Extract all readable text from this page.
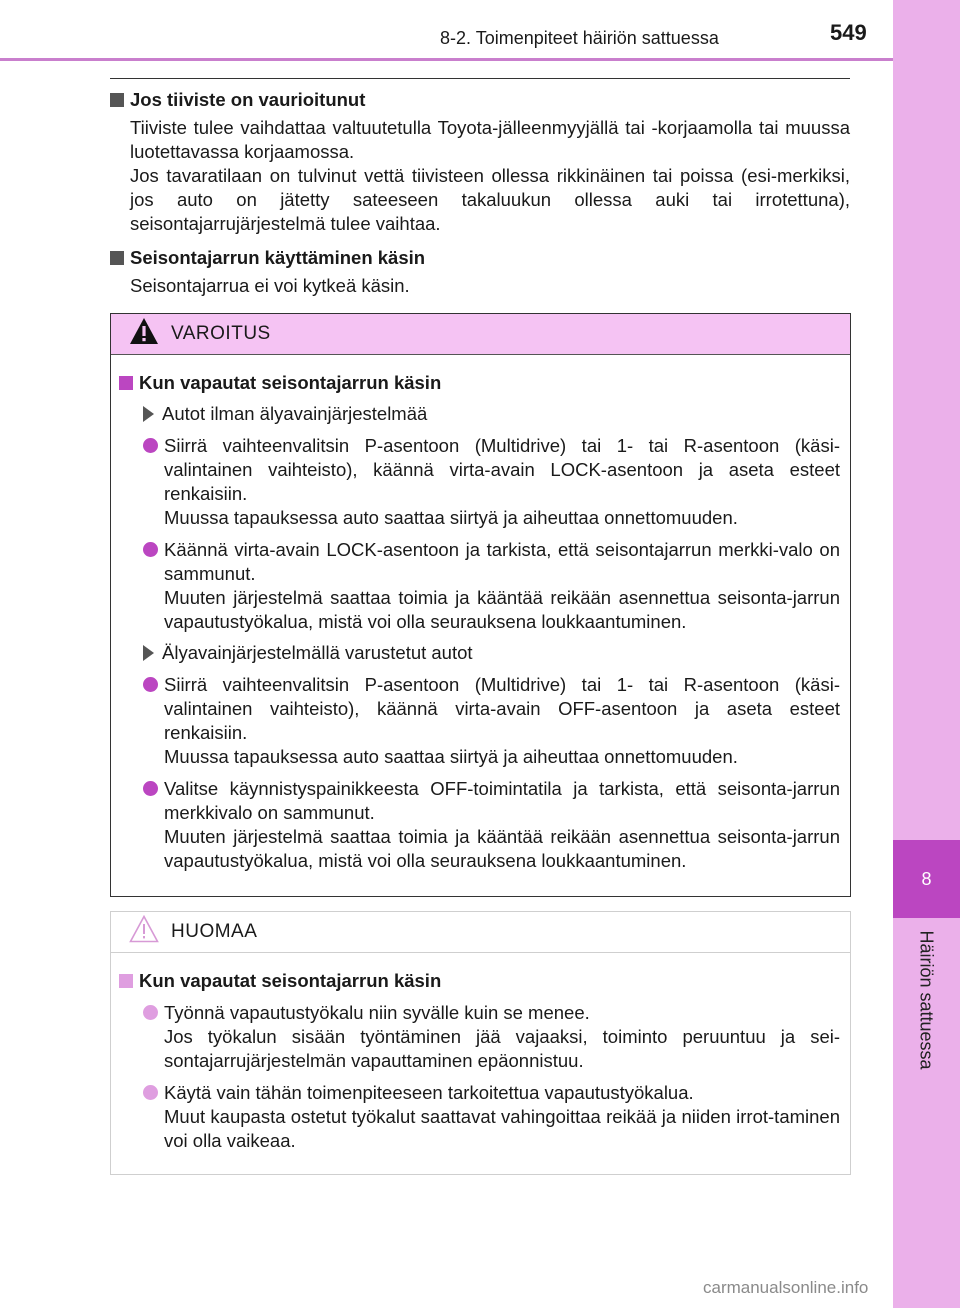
8
Häiriön sattuessa
8-2. Toimenpiteet häiriön sattuessa	549
Jos tiiviste on vaurioitunut

Tiiviste tulee vaihdattaa valtuutetulla Toyota-jälleenmyyjällä tai -korjaamolla tai muussa luotettavassa korjaamossa.

Jos tavaratilaan on tulvinut vettä tiivisteen ollessa rikkinäinen tai poissa (esi-merkiksi, jos auto on jätetty sateeseen takaluukun ollessa auki tai irrotettuna), seisontajarrujärjestelmä tulee vaihtaa.

Seisontajarrun käyttäminen käsin

Seisontajarrua ei voi kytkeä käsin.

VAROITUS
Kun vapautat seisontajarrun käsin
Autot ilman älyavainjärjestelmää

Siirrä vaihteenvalitsin P-asentoon (Multidrive) tai 1- tai R-asentoon (käsi-valintainen vaihteisto), käännä virta-avain LOCK-asentoon ja aseta esteet renkaisiin.

Muussa tapauksessa auto saattaa siirtyä ja aiheuttaa onnettomuuden.

Käännä virta-avain LOCK-asentoon ja tarkista, että seisontajarrun merkki-valo on sammunut.

Muuten järjestelmä saattaa toimia ja kääntää reikään asennettua seisonta-jarrun vapautustyökalua, mistä voi olla seurauksena loukkaantuminen.

Älyavainjärjestelmällä varustetut autot

Siirrä vaihteenvalitsin P-asentoon (Multidrive) tai 1- tai R-asentoon (käsi-valintainen vaihteisto), käännä virta-avain OFF-asentoon ja aseta esteet renkaisiin.

Muussa tapauksessa auto saattaa siirtyä ja aiheuttaa onnettomuuden.

Valitse käynnistyspainikkeesta OFF-toimintatila ja tarkista, että seisonta-jarrun merkkivalo on sammunut.

Muuten järjestelmä saattaa toimia ja kääntää reikään asennettua seisonta-jarrun vapautustyökalua, mistä voi olla seurauksena loukkaantuminen.

HUOMAA
Kun vapautat seisontajarrun käsin

Työnnä vapautustyökalu niin syvälle kuin se menee.

Jos työkalun sisään työntäminen jää vajaaksi, toiminto peruuntuu ja sei-sontajarrujärjestelmän vapauttaminen epäonnistuu.

Käytä vain tähän toimenpiteeseen tarkoitettua vapautustyökalua.

Muut kaupasta ostetut työkalut saattavat vahingoittaa reikää ja niiden irrot-taminen voi olla vaikeaa.

carmanualsonline.info
